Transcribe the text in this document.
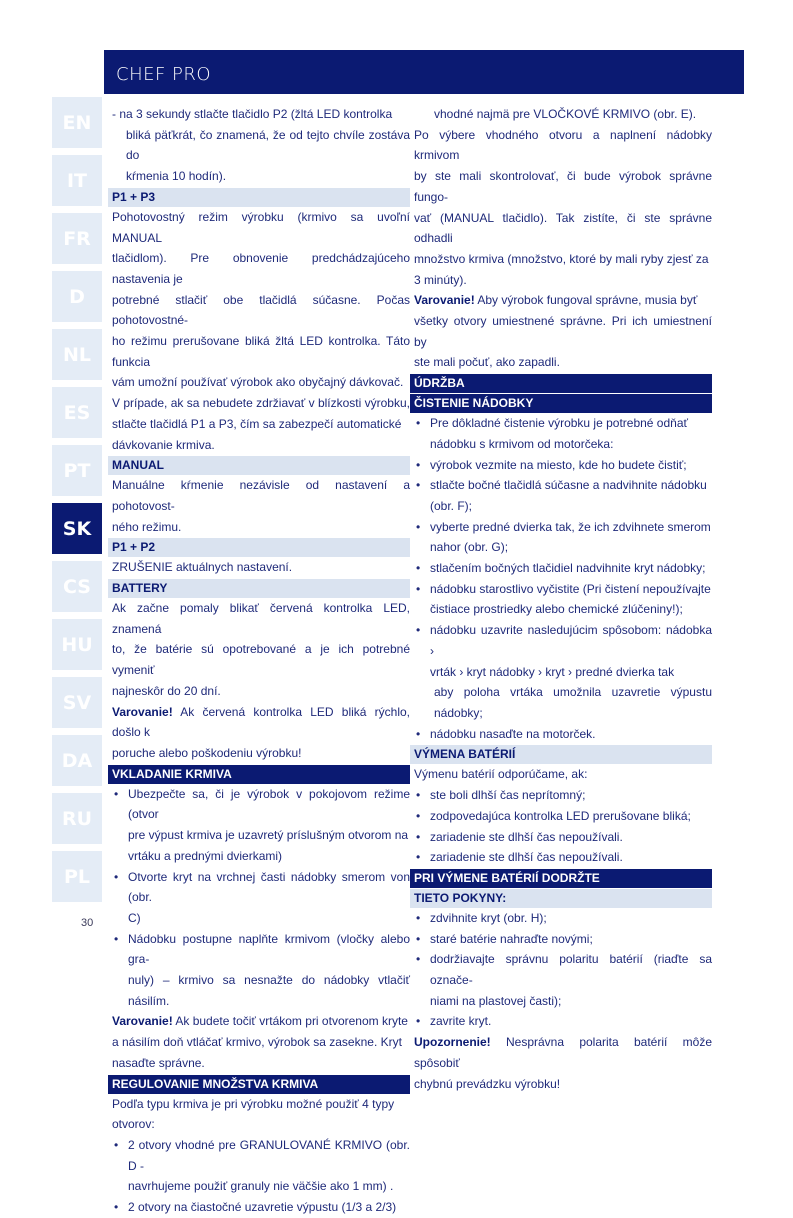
CHEF PRO
EN
IT
FR
D
NL
ES
PT
SK
CS
HU
SV
DA
RU
PL
30

- na 3 sekundy stlačte tlačidlo P2 (žltá LED kontrolka

bliká päťkrát, čo znamená, že od tejto chvíle zostáva do

kŕmenia 10 hodín).

P1 + P3

Pohotovostný režim výrobku (krmivo sa uvoľní MANUAL

tlačidlom). Pre obnovenie predchádzajúceho nastavenia je

potrebné stlačiť obe tlačidlá súčasne. Počas pohotovostné-

ho režimu prerušovane bliká žltá LED kontrolka. Táto funkcia

vám umožní používať výrobok ako obyčajný dávkovač.

V prípade, ak sa nebudete zdržiavať v blízkosti výrobku,

stlačte tlačidlá P1 a P3, čím sa zabezpečí automatické

dávkovanie krmiva.

MANUAL

Manuálne kŕmenie nezávisle od nastavení a pohotovost-

ného režimu.

P1 + P2

ZRUŠENIE aktuálnych nastavení.

BATTERY

Ak začne pomaly blikať červená kontrolka LED, znamená

to, že batérie sú opotrebované a je ich potrebné vymeniť

najneskôr do 20 dní.

Varovanie! Ak červená kontrolka LED bliká rýchlo, došlo k

poruche alebo poškodeniu výrobku!

VKLADANIE KRMIVA

• Ubezpečte sa, či je výrobok v pokojovom režime (otvor

pre výpust krmiva je uzavretý príslušným otvorom na

vrtáku a prednými dvierkami)

• Otvorte kryt na vrchnej časti nádobky smerom von (obr.

C)

• Nádobku postupne naplňte krmivom (vločky alebo gra-

nuly) – krmivo sa nesnažte do nádobky vtlačiť násilím.

Varovanie! Ak budete točiť vrtákom pri otvorenom kryte

a násilím doň vtláčať krmivo, výrobok sa zasekne. Kryt

nasaďte správne.

REGULOVANIE MNOŽSTVA KRMIVA

Podľa typu krmiva je pri výrobku možné použiť 4 typy

otvorov:

• 2 otvory vhodné pre GRANULOVANÉ KRMIVO (obr. D -

navrhujeme použiť granuly nie väčšie ako 1 mm) .

• 2 otvory na čiastočné uzavretie výpustu (1/3 a 2/3)

vhodné najmä pre VLOČKOVÉ KRMIVO (obr. E).

Po výbere vhodného otvoru a naplnení nádobky krmivom

by ste mali skontrolovať, či bude výrobok správne fungo-

vať (MANUAL tlačidlo). Tak zistíte, či ste správne odhadli

množstvo krmiva (množstvo, ktoré by mali ryby zjesť za

3 minúty).

Varovanie! Aby výrobok fungoval správne, musia byť

všetky otvory umiestnené správne. Pri ich umiestnení by

ste mali počuť, ako zapadli.

ÚDRŽBA
ČISTENIE NÁDOBKY

• Pre dôkladné čistenie výrobku je potrebné odňať

nádobku s krmivom od motorčeka:

• výrobok vezmite na miesto, kde ho budete čistiť;

• stlačte bočné tlačidlá súčasne a nadvihnite nádobku

(obr. F);

• vyberte predné dvierka tak, že ich zdvihnete smerom

nahor (obr. G);

• stlačením bočných tlačidiel nadvihnite kryt nádobky;

• nádobku starostlivo vyčistite (Pri čistení nepoužívajte

čistiace prostriedky alebo chemické zlúčeniny!);

• nádobku uzavrite nasledujúcim spôsobom: nádobka ›

vrták › kryt nádobky › kryt › predné dvierka tak

aby poloha vrtáka umožnila uzavretie výpustu nádobky;

• nádobku nasaďte na motorček.

VÝMENA BATÉRIÍ

Výmenu batérií odporúčame, ak:

• ste boli dlhší čas neprítomný;

• zodpovedajúca kontrolka LED prerušovane bliká;

• zariadenie ste dlhší čas nepoužívali.

• zariadenie ste dlhší čas nepoužívali.

PRI VÝMENE BATÉRIÍ DODRŽTE
TIETO POKYNY:

• zdvihnite kryt (obr. H);

• staré batérie nahraďte novými;

• dodržiavajte správnu polaritu batérií (riaďte sa označe-

niami na plastovej časti);

• zavrite kryt.

Upozornenie! Nesprávna polarita batérií môže spôsobiť

chybnú prevádzku výrobku!
